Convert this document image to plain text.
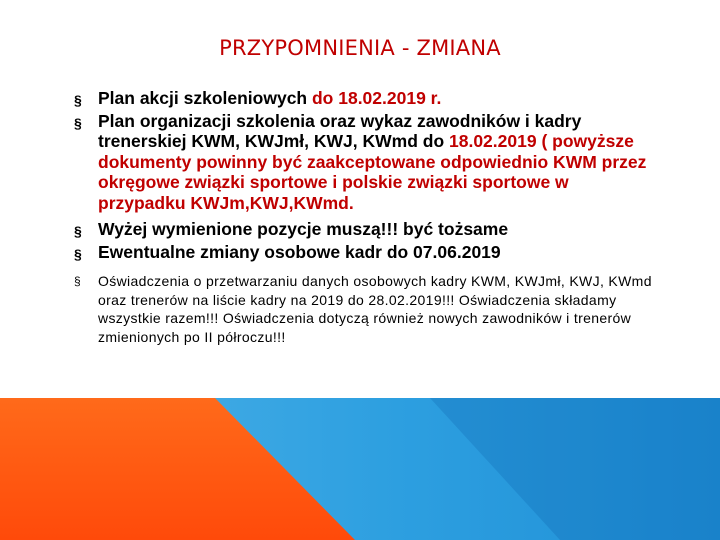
PRZYPOMNIENIA - ZMIANA
§ Plan akcji szkoleniowych do 18.02.2019 r.
§ Plan organizacji szkolenia oraz wykaz zawodników i kadry trenerskiej KWM, KWJmł, KWJ, KWmd do 18.02.2019 ( powyższe dokumenty powinny być zaakceptowane odpowiednio KWM przez okręgowe związki sportowe i polskie związki sportowe w przypadku KWJm,KWJ,KWmd.
§ Wyżej wymienione pozycje muszą!!! być tożsame
§ Ewentualne zmiany osobowe kadr do 07.06.2019
§ Oświadczenia o przetwarzaniu danych osobowych kadry KWM, KWJmł, KWJ, KWmd oraz trenerów na liście kadry na 2019 do 28.02.2019!!! Oświadczenia składamy wszystkie razem!!! Oświadczenia dotyczą również nowych zawodników i trenerów zmienionych po II półroczu!!!
